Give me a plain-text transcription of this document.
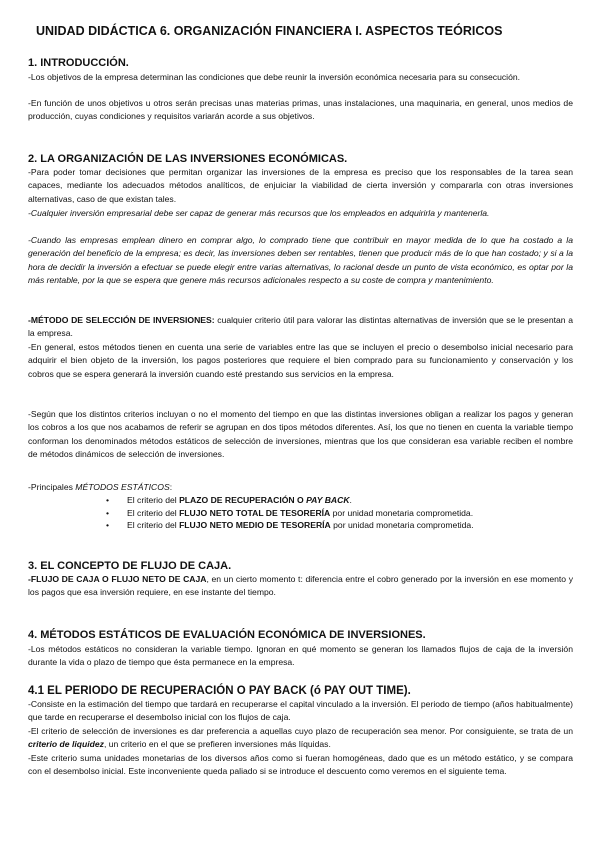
UNIDAD DIDÁCTICA 6. ORGANIZACIÓN FINANCIERA I. ASPECTOS TEÓRICOS
1. INTRODUCCIÓN.

-Los objetivos de la empresa determinan las condiciones que debe reunir la inversión económica necesaria para su consecución.

-En función de unos objetivos u otros serán precisas unas materias primas, unas instalaciones, una maquinaria, en general, unos medios de producción, cuyas condiciones y requisitos variarán acorde a sus objetivos.

2. LA ORGANIZACIÓN DE LAS INVERSIONES ECONÓMICAS.

-Para poder tomar decisiones que permitan organizar las inversiones de la empresa es preciso que los responsables de la tarea sean capaces, mediante los adecuados métodos analíticos, de enjuiciar la viabilidad de cierta inversión y compararla con otras inversiones alternativas, caso de que existan tales.

-Cualquier inversión empresarial debe ser capaz de generar más recursos que los empleados en adquirirla y mantenerla.

-Cuando las empresas emplean dinero en comprar algo, lo comprado tiene que contribuir en mayor medida de lo que ha costado a la generación del beneficio de la empresa; es decir, las inversiones deben ser rentables, tienen que producir más de lo que han costado; y si a la hora de decidir la inversión a efectuar se puede elegir entre varias alternativas, lo racional desde un punto de vista económico, es optar por la más rentable, por la que se espera que genere más recursos adicionales respecto a su coste de compra y mantenimiento.

-MÉTODO DE SELECCIÓN DE INVERSIONES: cualquier criterio útil para valorar las distintas alternativas de inversión que se le presentan a la empresa.

-En general, estos métodos tienen en cuenta una serie de variables entre las que se incluyen el precio o desembolso inicial necesario para adquirir el bien objeto de la inversión, los pagos posteriores que requiere el bien comprado para su funcionamiento y conservación y los cobros que se espera generará la inversión cuando esté prestando sus servicios en la empresa.

-Según que los distintos criterios incluyan o no el momento del tiempo en que las distintas inversiones obligan a realizar los pagos y generan los cobros a los que nos acabamos de referir se agrupan en dos tipos métodos diferentes. Así, los que no tienen en cuenta la variable tiempo conforman los denominados métodos estáticos de selección de inversiones, mientras que los que consideran esa variable reciben el nombre de métodos dinámicos de selección de inversiones.

-Principales MÉTODOS ESTÁTICOS:

• El criterio del PLAZO DE RECUPERACIÓN O PAY BACK.
• El criterio del FLUJO NETO TOTAL DE TESORERÍA por unidad monetaria comprometida.
• El criterio del FLUJO NETO MEDIO DE TESORERÍA por unidad monetaria comprometida.
3. EL CONCEPTO DE FLUJO DE CAJA.

-FLUJO DE CAJA O FLUJO NETO DE CAJA, en un cierto momento t: diferencia entre el cobro generado por la inversión en ese momento y los pagos que esa inversión requiere, en ese instante del tiempo.

4. MÉTODOS ESTÁTICOS DE EVALUACIÓN ECONÓMICA DE INVERSIONES.

-Los métodos estáticos no consideran la variable tiempo. Ignoran en qué momento se generan los llamados flujos de caja de la inversión durante la vida o plazo de tiempo que ésta permanece en la empresa.

4.1 EL PERIODO DE RECUPERACIÓN O PAY BACK (ó PAY OUT TIME).

-Consiste en la estimación del tiempo que tardará en recuperarse el capital vinculado a la inversión. El periodo de tiempo (años habitualmente) que tarde en recuperarse el desembolso inicial con los flujos de caja.

-El criterio de selección de inversiones es dar preferencia a aquellas cuyo plazo de recuperación sea menor. Por consiguiente, se trata de un criterio de liquidez, un criterio en el que se prefieren inversiones más líquidas.

-Este criterio suma unidades monetarias de los diversos años como si fueran homogéneas, dado que es un método estático, y se compara con el desembolso inicial. Este inconveniente queda paliado si se introduce el descuento como veremos en el siguiente tema.
